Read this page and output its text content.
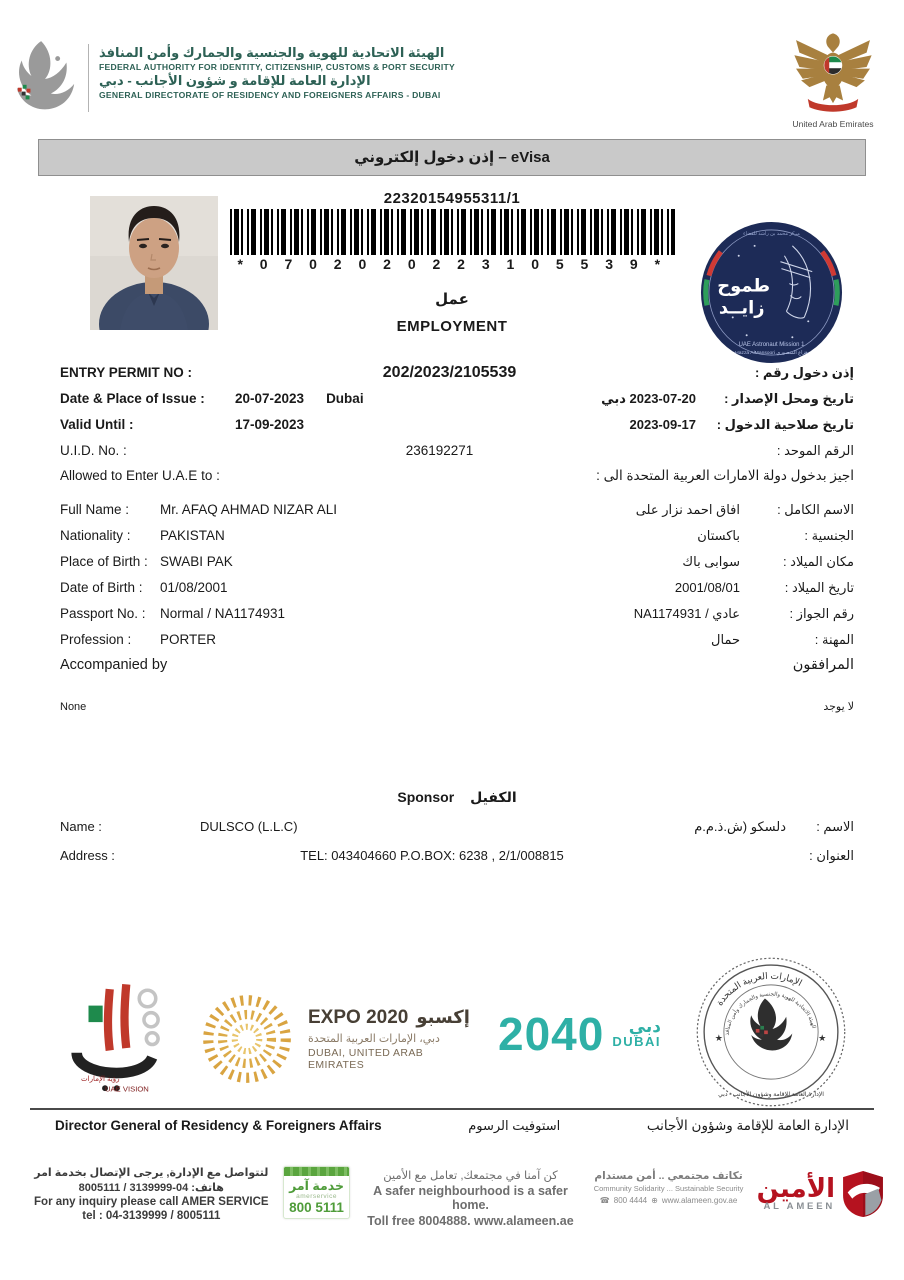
الهيئة الاتحادية للهوية والجنسية والجمارك وأمن المنافذ
FEDERAL AUTHORITY FOR IDENTITY, CITIZENSHIP, CUSTOMS & PORT SECURITY
الإدارة العامة للإقامة و شؤون الأجانب - دبي
GENERAL DIRECTORATE OF RESIDENCY AND FOREIGNERS AFFAIRS - DUBAI
United Arab Emirates
إذن دخول إلكتروني – eVisa
22320154955311/1
* 0 7 0 2 0 2 0 2 2 3 1 0 5 5 3 9 *
عمل
EMPLOYMENT
مركز محمد بن راشد للفضاء
طموح
زايــد
UAE Astronaut Mission 1
Hazza AlMansoori هزاع المنصوري
ENTRY PERMIT NO :	202/2023/2105539	إذن دخول رقم :
Date & Place of Issue :	20-07-2023 Dubai	تاريخ ومحل الإصدار :
2023-07-20 دبي
Valid Until :	17-09-2023	تاريخ صلاحية الدخول :
2023-09-17
U.I.D. No. :	236192271	الرقم الموحد :
Allowed to Enter U.A.E to :	اجيز بدخول دولة الامارات العربية المتحدة الى :
Full Name :	Mr. AFAQ AHMAD NIZAR ALI	الاسم الكامل :
افاق احمد نزار على
Nationality :	PAKISTAN	الجنسية :
باكستان
Place of Birth : SWABI PAK	مكان الميلاد :
سوابى باك
Date of Birth :	01/08/2001	تاريخ الميلاد :
2001/08/01
Passport No. :	Normal / NA1174931	رقم الجواز :
عادي / NA1174931
Profession :	PORTER	المهنة :
حمال
Accompanied by	المرافقون
None	لا يوجد
Sponsor الكفيل
Name :	DULSCO (L.L.C)	الاسم :
دلسكو (ش.ذ.م.م
Address :	TEL: 043404660 P.O.BOX: 6238 , 2/1/008815	العنوان :
رؤية الإمارات
UAE VISION
EXPO 2020 إكسبو
دبي، الإمارات العربية المتحدة
DUBAI, UNITED ARAB EMIRATES
2040	دبي
DUBAI
الإمارات العربية المتحدة
الهيئة الاتحادية للهوية والجنسية والجمارك وأمن المنافذ
الإدارة العامة للإقامة وشؤون الأجانب - دبي
★	★
Director General of Residency & Foreigners Affairs	استوفيت الرسوم	الإدارة العامة للإقامة وشؤون الأجانب
لتتواصل مع الإدارة, يرجى الإتصال بخدمة امر
هاتف: 04-3139999 / 8005111
For any inquiry please call AMER SERVICE
tel : 04-3139999 / 8005111
خدمة آمر
amerservice
800 5111
كن آمنا في مجتمعك, تعامل مع الأمين
A safer neighbourhood is a safer home.
Toll free 8004888. www.alameen.ae
تكاتف مجتمعي .. أمن مستدام
Community Solidarity ... Sustainable Security
☎ 800 4444 ⊕ www.alameen.gov.ae الأمين
AL AMEEN
